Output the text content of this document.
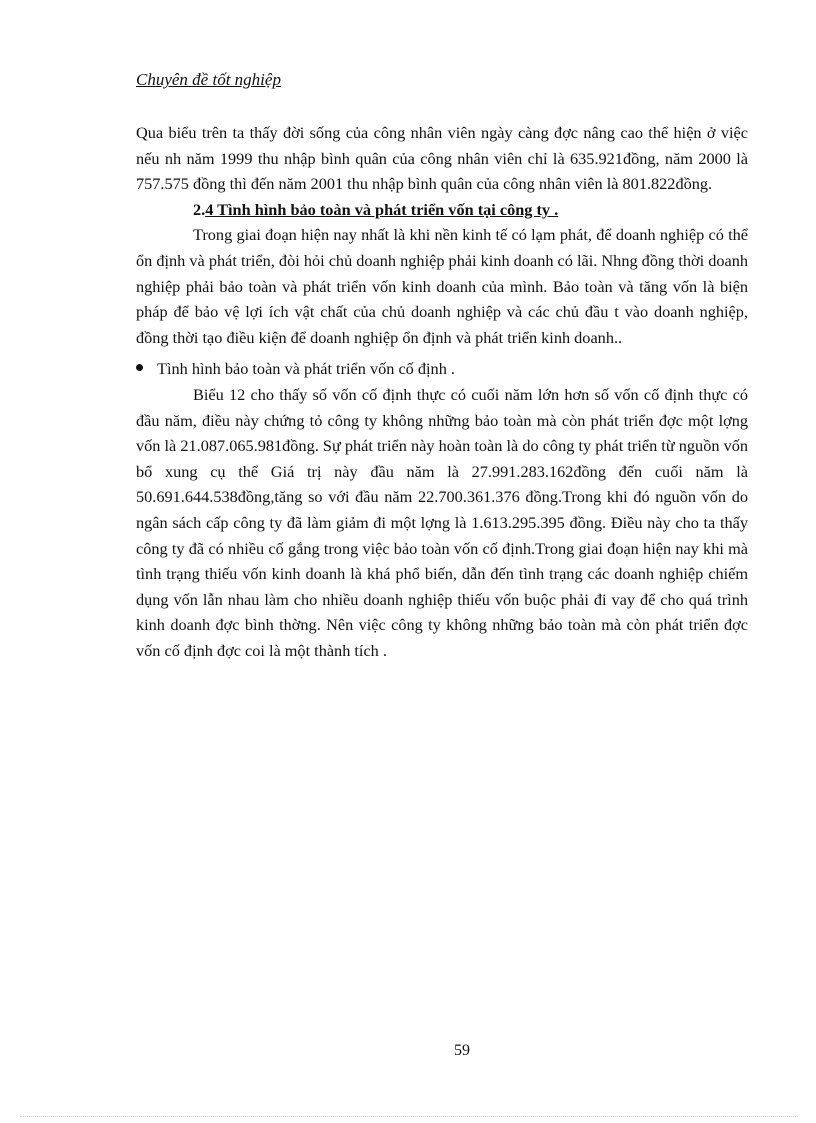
Chuyên đề tốt nghiệp

Qua biểu trên ta thấy đời sống của công nhân viên ngày càng đợc nâng cao thể hiện ở việc nếu nh năm 1999 thu nhập bình quân của công nhân viên chỉ là 635.921đồng, năm 2000 là 757.575 đồng thì đến năm 2001 thu nhập bình quân của công nhân viên là 801.822đồng.

2.4 Tình hình bảo toàn và phát triển vốn tại công ty .

Trong giai đoạn hiện nay nhất là khi nền kinh tế có lạm phát, để doanh nghiệp có thể ổn định và phát triển, đòi hỏi chủ doanh nghiệp phải kinh doanh có lãi. Nhng đồng thời doanh nghiệp phải bảo toàn và phát triển vốn kinh doanh của mình. Bảo toàn và tăng vốn là biện pháp để bảo vệ lợi ích vật chất của chủ doanh nghiệp và các chủ đầu t vào doanh nghiệp, đồng thời tạo điều kiện để doanh nghiệp ổn định và phát triển kinh doanh..

Tình hình bảo toàn và phát triển vốn cố định .

Biểu 12 cho thấy số vốn cố định thực có cuối năm lớn hơn số vốn cố định thực có đầu năm, điều này chứng tỏ công ty không những bảo toàn mà còn phát triển đợc một lợng vốn là 21.087.065.981đồng. Sự phát triển này hoàn toàn là do công ty phát triển từ nguồn vốn bổ xung cụ thể Giá trị này đầu năm là 27.991.283.162đồng đến cuối năm là 50.691.644.538đồng,tăng so với đầu năm 22.700.361.376 đồng.Trong khi đó nguồn vốn do ngân sách cấp công ty đã làm giảm đi một lợng là 1.613.295.395 đồng. Điều này cho ta thấy công ty đã có nhiều cố gắng trong việc bảo toàn vốn cố định.Trong giai đoạn hiện nay khi mà tình trạng thiếu vốn kinh doanh là khá phổ biến, dẫn đến tình trạng các doanh nghiệp chiếm dụng vốn lẫn nhau làm cho nhiều doanh nghiệp thiếu vốn buộc phải đi vay để cho quá trình kinh doanh đợc bình thờng. Nên việc công ty không những bảo toàn mà còn phát triển đợc vốn cố định đợc coi là một thành tích .

59
